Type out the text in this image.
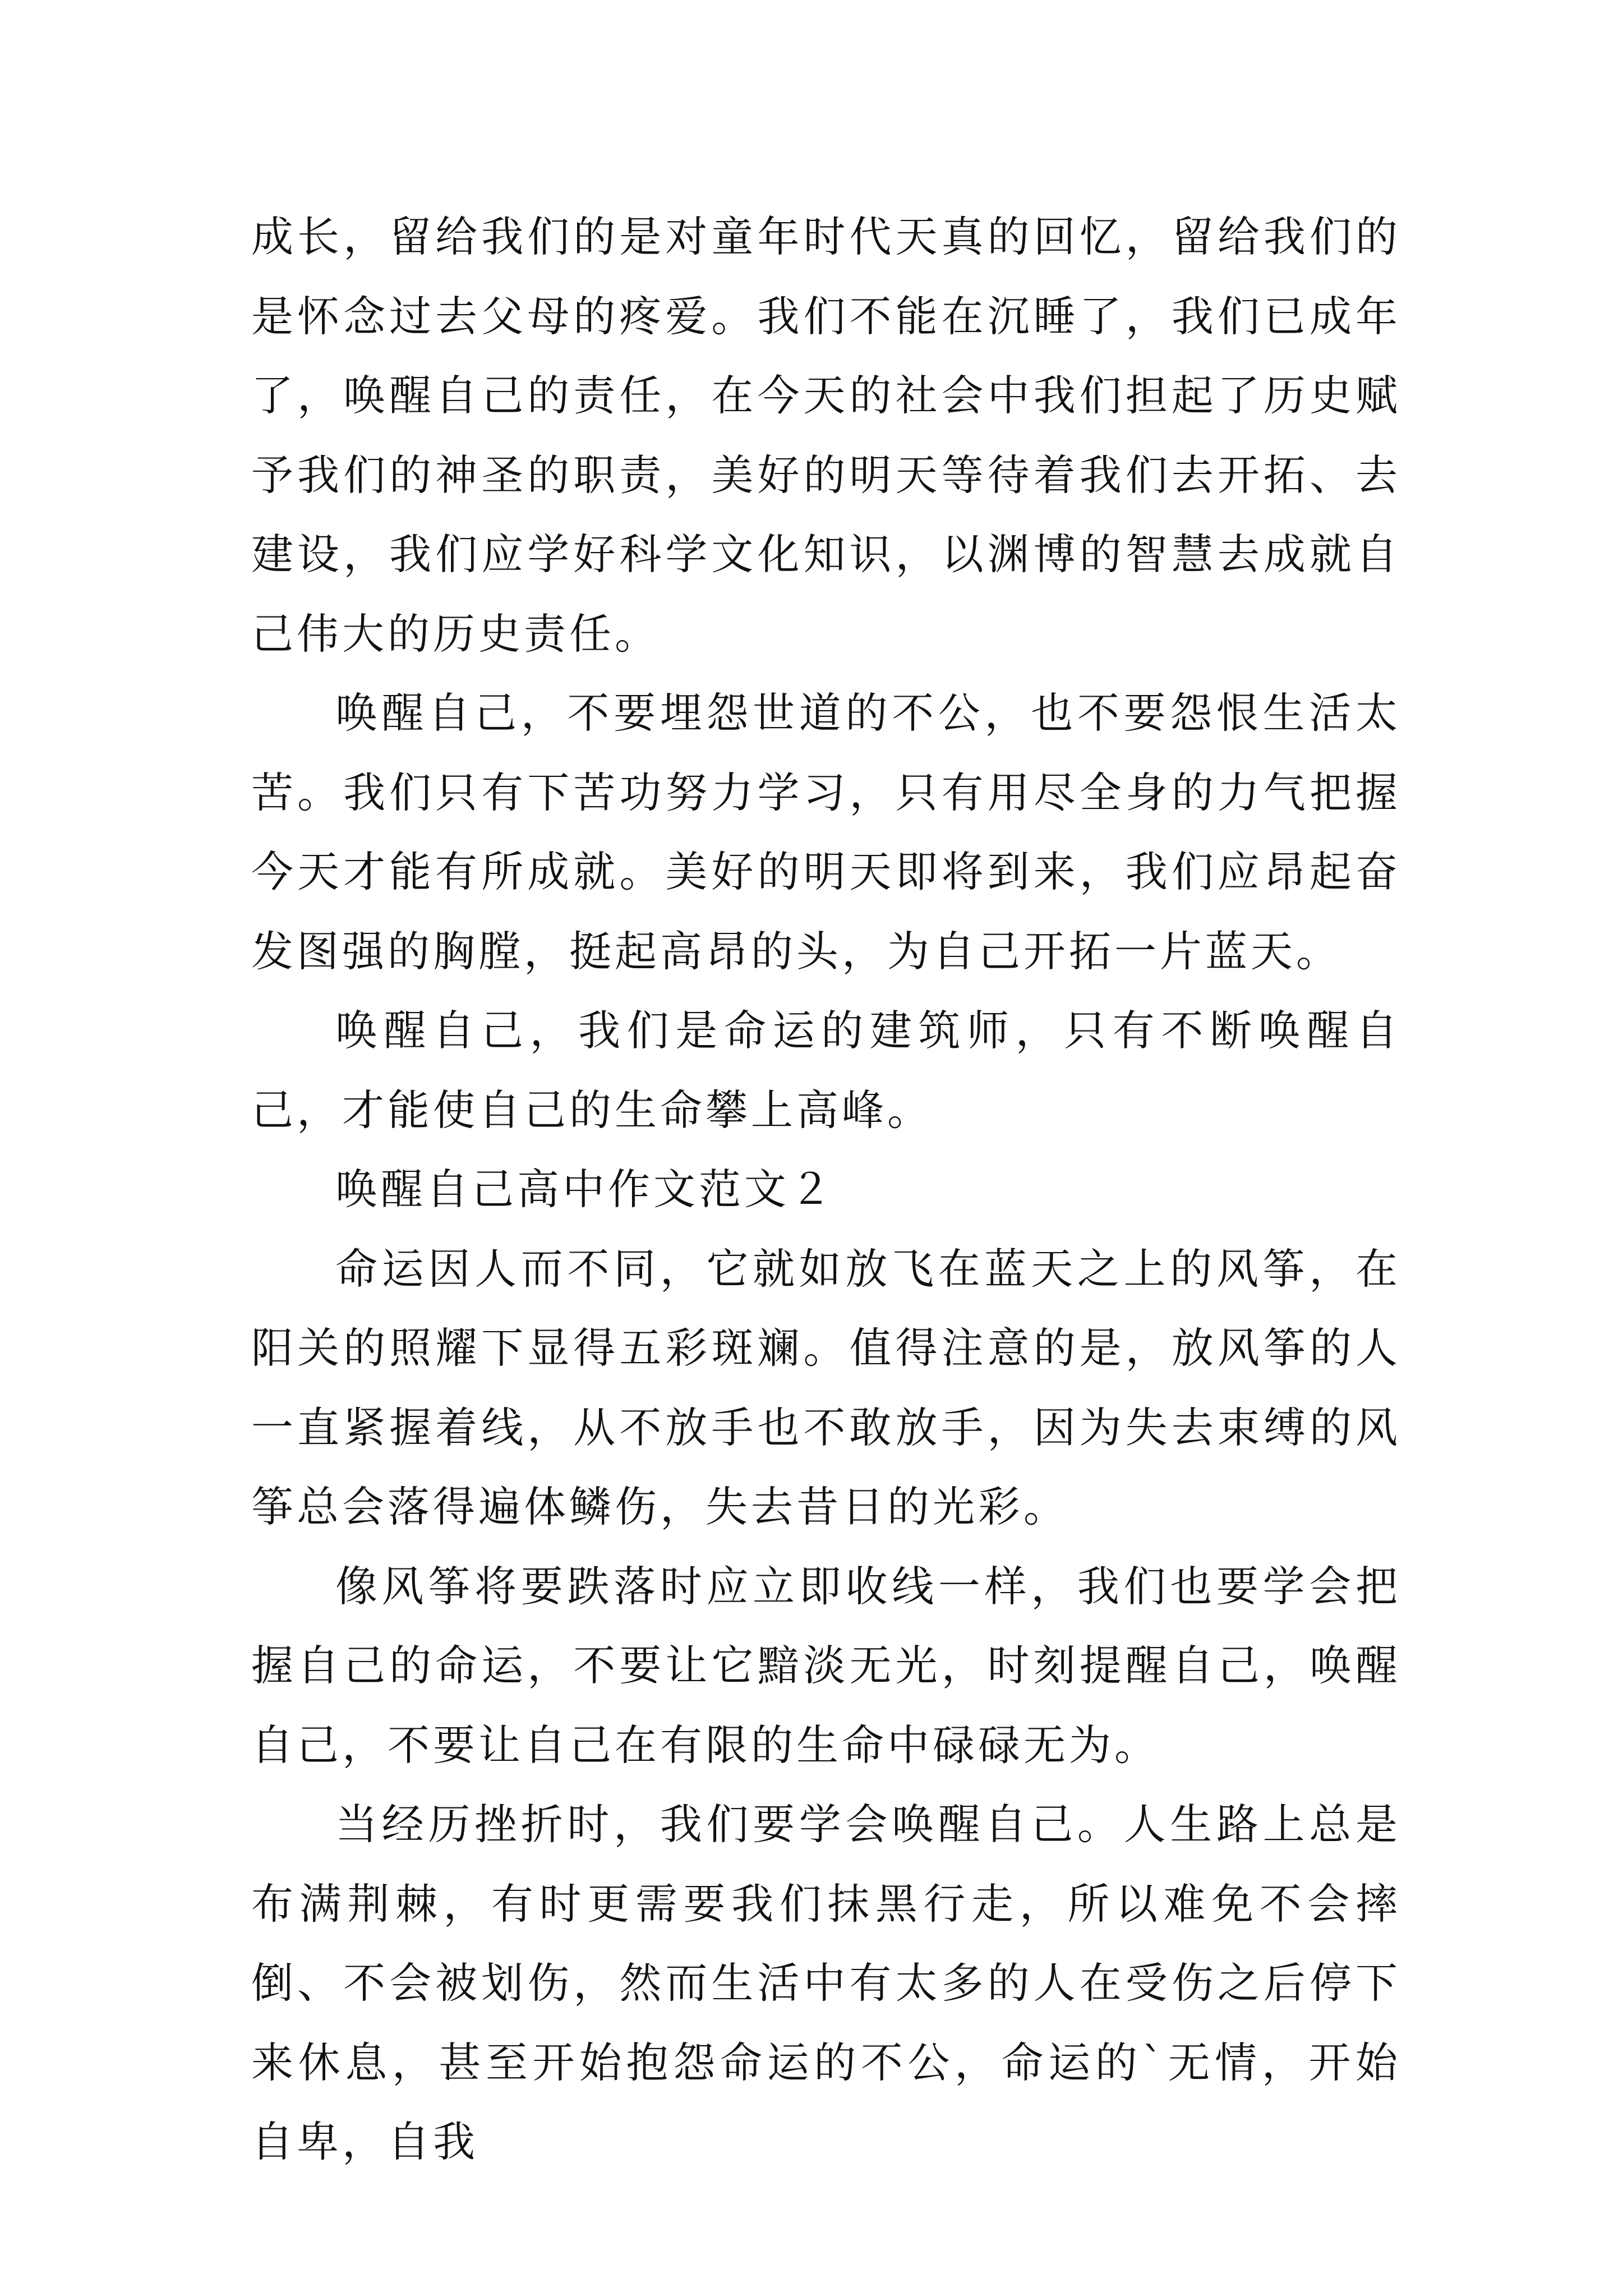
成长，留给我们的是对童年时代天真的回忆，留给我们的是怀念过去父母的疼爱。我们不能在沉睡了，我们已成年了，唤醒自己的责任，在今天的社会中我们担起了历史赋予我们的神圣的职责，美好的明天等待着我们去开拓、去建设，我们应学好科学文化知识，以渊博的智慧去成就自己伟大的历史责任。

唤醒自己，不要埋怨世道的不公，也不要怨恨生活太苦。我们只有下苦功努力学习，只有用尽全身的力气把握今天才能有所成就。美好的明天即将到来，我们应昂起奋发图强的胸膛，挺起高昂的头，为自己开拓一片蓝天。

唤醒自己，我们是命运的建筑师，只有不断唤醒自己，才能使自己的生命攀上高峰。

唤醒自己高中作文范文２

命运因人而不同，它就如放飞在蓝天之上的风筝，在阳关的照耀下显得五彩斑斓。值得注意的是，放风筝的人一直紧握着线，从不放手也不敢放手，因为失去束缚的风筝总会落得遍体鳞伤，失去昔日的光彩。

像风筝将要跌落时应立即收线一样，我们也要学会把握自己的命运，不要让它黯淡无光，时刻提醒自己，唤醒自己，不要让自己在有限的生命中碌碌无为。

当经历挫折时，我们要学会唤醒自己。人生路上总是布满荆棘，有时更需要我们抹黑行走，所以难免不会摔倒、不会被划伤，然而生活中有太多的人在受伤之后停下来休息，甚至开始抱怨命运的不公，命运的`无情，开始自卑，自我
